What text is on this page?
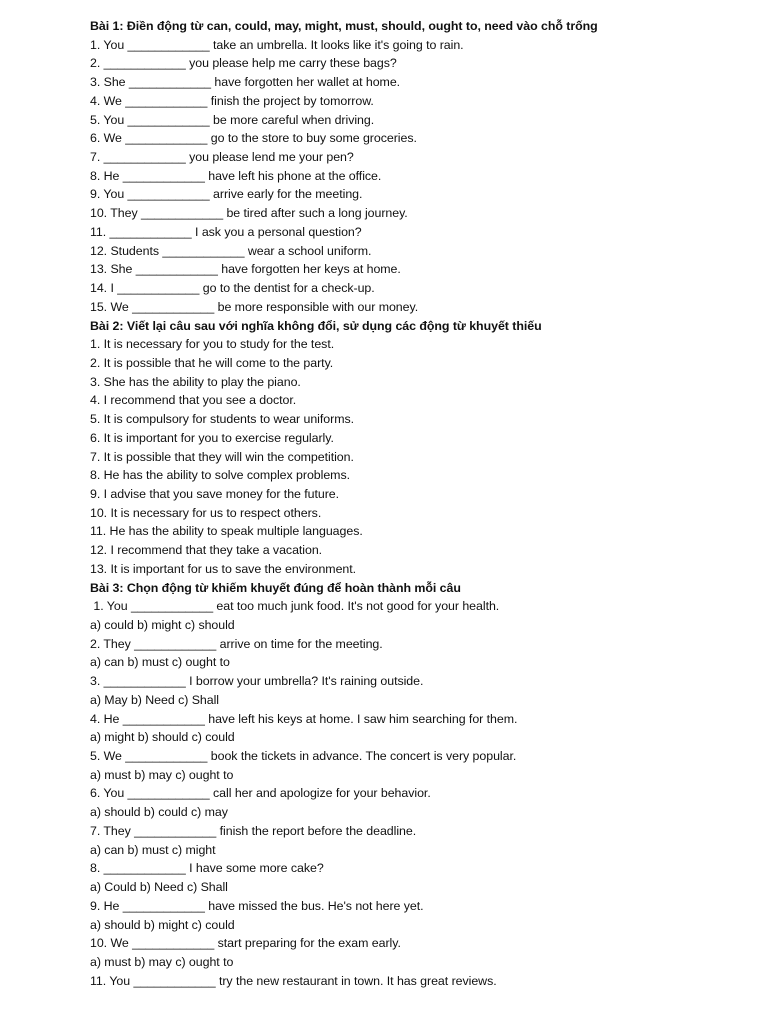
Bài 1: Điền động từ can, could, may, might, must, should, ought to, need vào chỗ trống
1. You ____________ take an umbrella. It looks like it's going to rain.
2. ____________ you please help me carry these bags?
3. She ____________ have forgotten her wallet at home.
4. We ____________ finish the project by tomorrow.
5. You ____________ be more careful when driving.
6. We ____________ go to the store to buy some groceries.
7. ____________ you please lend me your pen?
8. He ____________ have left his phone at the office.
9. You ____________ arrive early for the meeting.
10. They ____________ be tired after such a long journey.
11. ____________ I ask you a personal question?
12. Students ____________ wear a school uniform.
13. She ____________ have forgotten her keys at home.
14. I ____________ go to the dentist for a check-up.
15. We ____________ be more responsible with our money.
Bài 2: Viết lại câu sau với nghĩa không đổi, sử dụng các động từ khuyết thiếu
1. It is necessary for you to study for the test.
2. It is possible that he will come to the party.
3. She has the ability to play the piano.
4. I recommend that you see a doctor.
5. It is compulsory for students to wear uniforms.
6. It is important for you to exercise regularly.
7. It is possible that they will win the competition.
8. He has the ability to solve complex problems.
9. I advise that you save money for the future.
10. It is necessary for us to respect others.
11. He has the ability to speak multiple languages.
12. I recommend that they take a vacation.
13. It is important for us to save the environment.
Bài 3: Chọn động từ khiếm khuyết đúng để hoàn thành mỗi câu
1. You ____________ eat too much junk food. It's not good for your health.
a) could b) might c) should
2. They ____________ arrive on time for the meeting.
a) can b) must c) ought to
3. ____________ I borrow your umbrella? It's raining outside.
a) May b) Need c) Shall
4. He ____________ have left his keys at home. I saw him searching for them.
a) might b) should c) could
5. We ____________ book the tickets in advance. The concert is very popular.
a) must b) may c) ought to
6. You ____________ call her and apologize for your behavior.
a) should b) could c) may
7. They ____________ finish the report before the deadline.
a) can b) must c) might
8. ____________ I have some more cake?
a) Could b) Need c) Shall
9. He ____________ have missed the bus. He's not here yet.
a) should b) might c) could
10. We ____________ start preparing for the exam early.
a) must b) may c) ought to
11. You ____________ try the new restaurant in town. It has great reviews.
